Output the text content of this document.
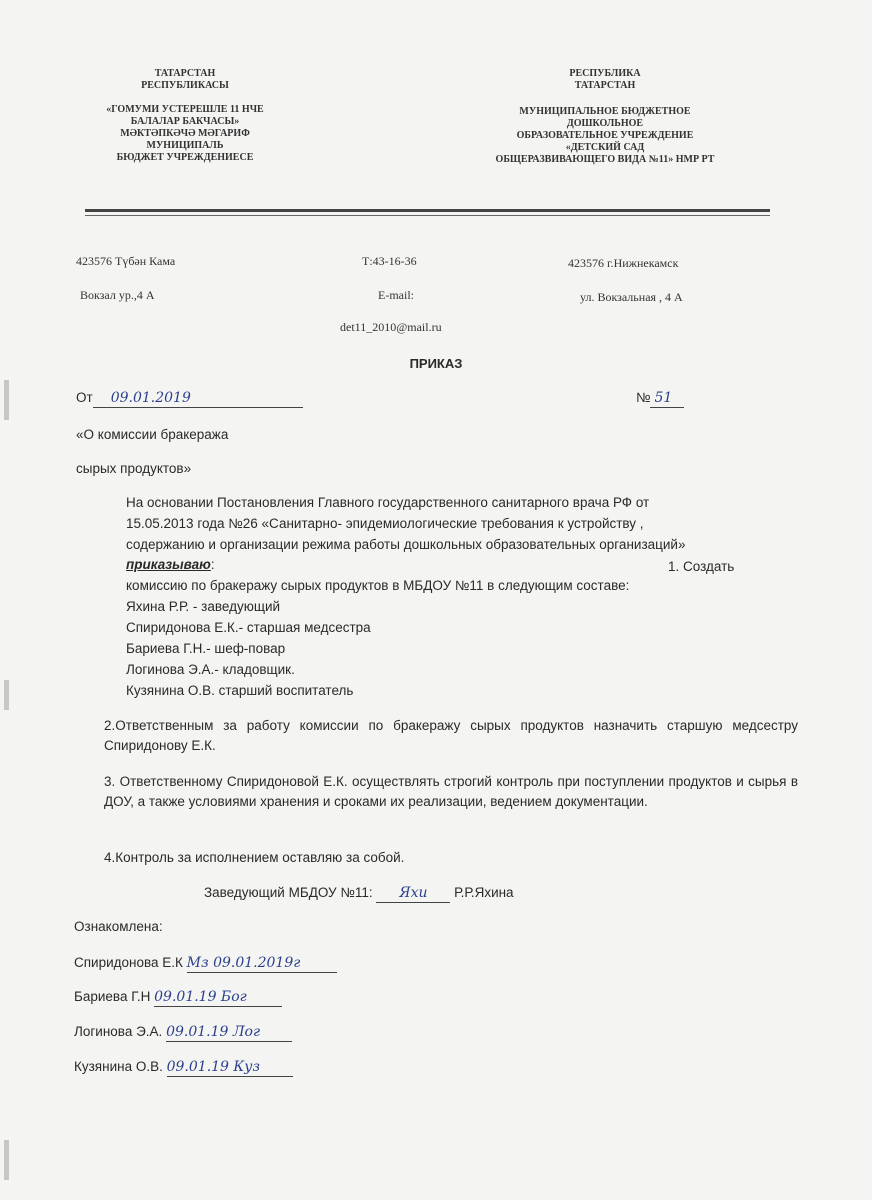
ТАТАРСТАН
РЕСПУБЛИКАСЫ
«ГОМУМИ УСТЕРЕШЛЕ 11 НЧЕ
БАЛАЛАР БАКЧАСЫ»
МӘКТӘПКӘЧӘ МӘГАРИФ
МУНИЦИПАЛЬ
БЮДЖЕТ УЧРЕЖДЕНИЕСЕ
РЕСПУБЛИКА
ТАТАРСТАН
МУНИЦИПАЛЬНОЕ БЮДЖЕТНОЕ
ДОШКОЛЬНОЕ
ОБРАЗОВАТЕЛЬНОЕ УЧРЕЖДЕНИЕ
«ДЕТСКИЙ САД
ОБЩЕРАЗВИВАЮЩЕГО ВИДА №11» НМР РТ
423576 Түбән Кама
Вокзал ур.,4 А
Т:43-16-36
E-mail:
det11_2010@mail.ru
423576 г.Нижнекамск
ул. Вокзальная , 4 А
ПРИКАЗ
От 09.01.2019	№ 51
«О комиссии бракеража
сырых продуктов»
На основании Постановления Главного государственного санитарного врача РФ от
15.05.2013 года №26 «Санитарно- эпидемиологические требования к устройству ,
содержанию и организации режима работы дошкольных образовательных организаций»
приказываю:	1. Создать
комиссию по бракеражу сырых продуктов в МБДОУ №11 в следующим составе:
Яхина Р.Р. - заведующий
Спиридонова Е.К.- старшая медсестра
Бариева Г.Н.- шеф-повар
Логинова Э.А.- кладовщик.
Кузянина О.В. старший воспитатель
2.Ответственным за работу комиссии по бракеражу сырых продуктов назначить старшую медсестру Спиридонову Е.К.
3. Ответственному Спиридоновой Е.К. осуществлять строгий контроль при поступлении продуктов и сырья в ДОУ, а также условиями хранения и сроками их реализации, ведением документации.
4.Контроль за исполнением оставляю за собой.
Заведующий МБДОУ №11: Яхи Р.Р.Яхина
Ознакомлена:
Спиридонова Е.К Мз 09.01.2019г
Бариева Г.Н 09.01.19 Бог
Логинова Э.А. 09.01.19 Лог
Кузянина О.В. 09.01.19 Куз
